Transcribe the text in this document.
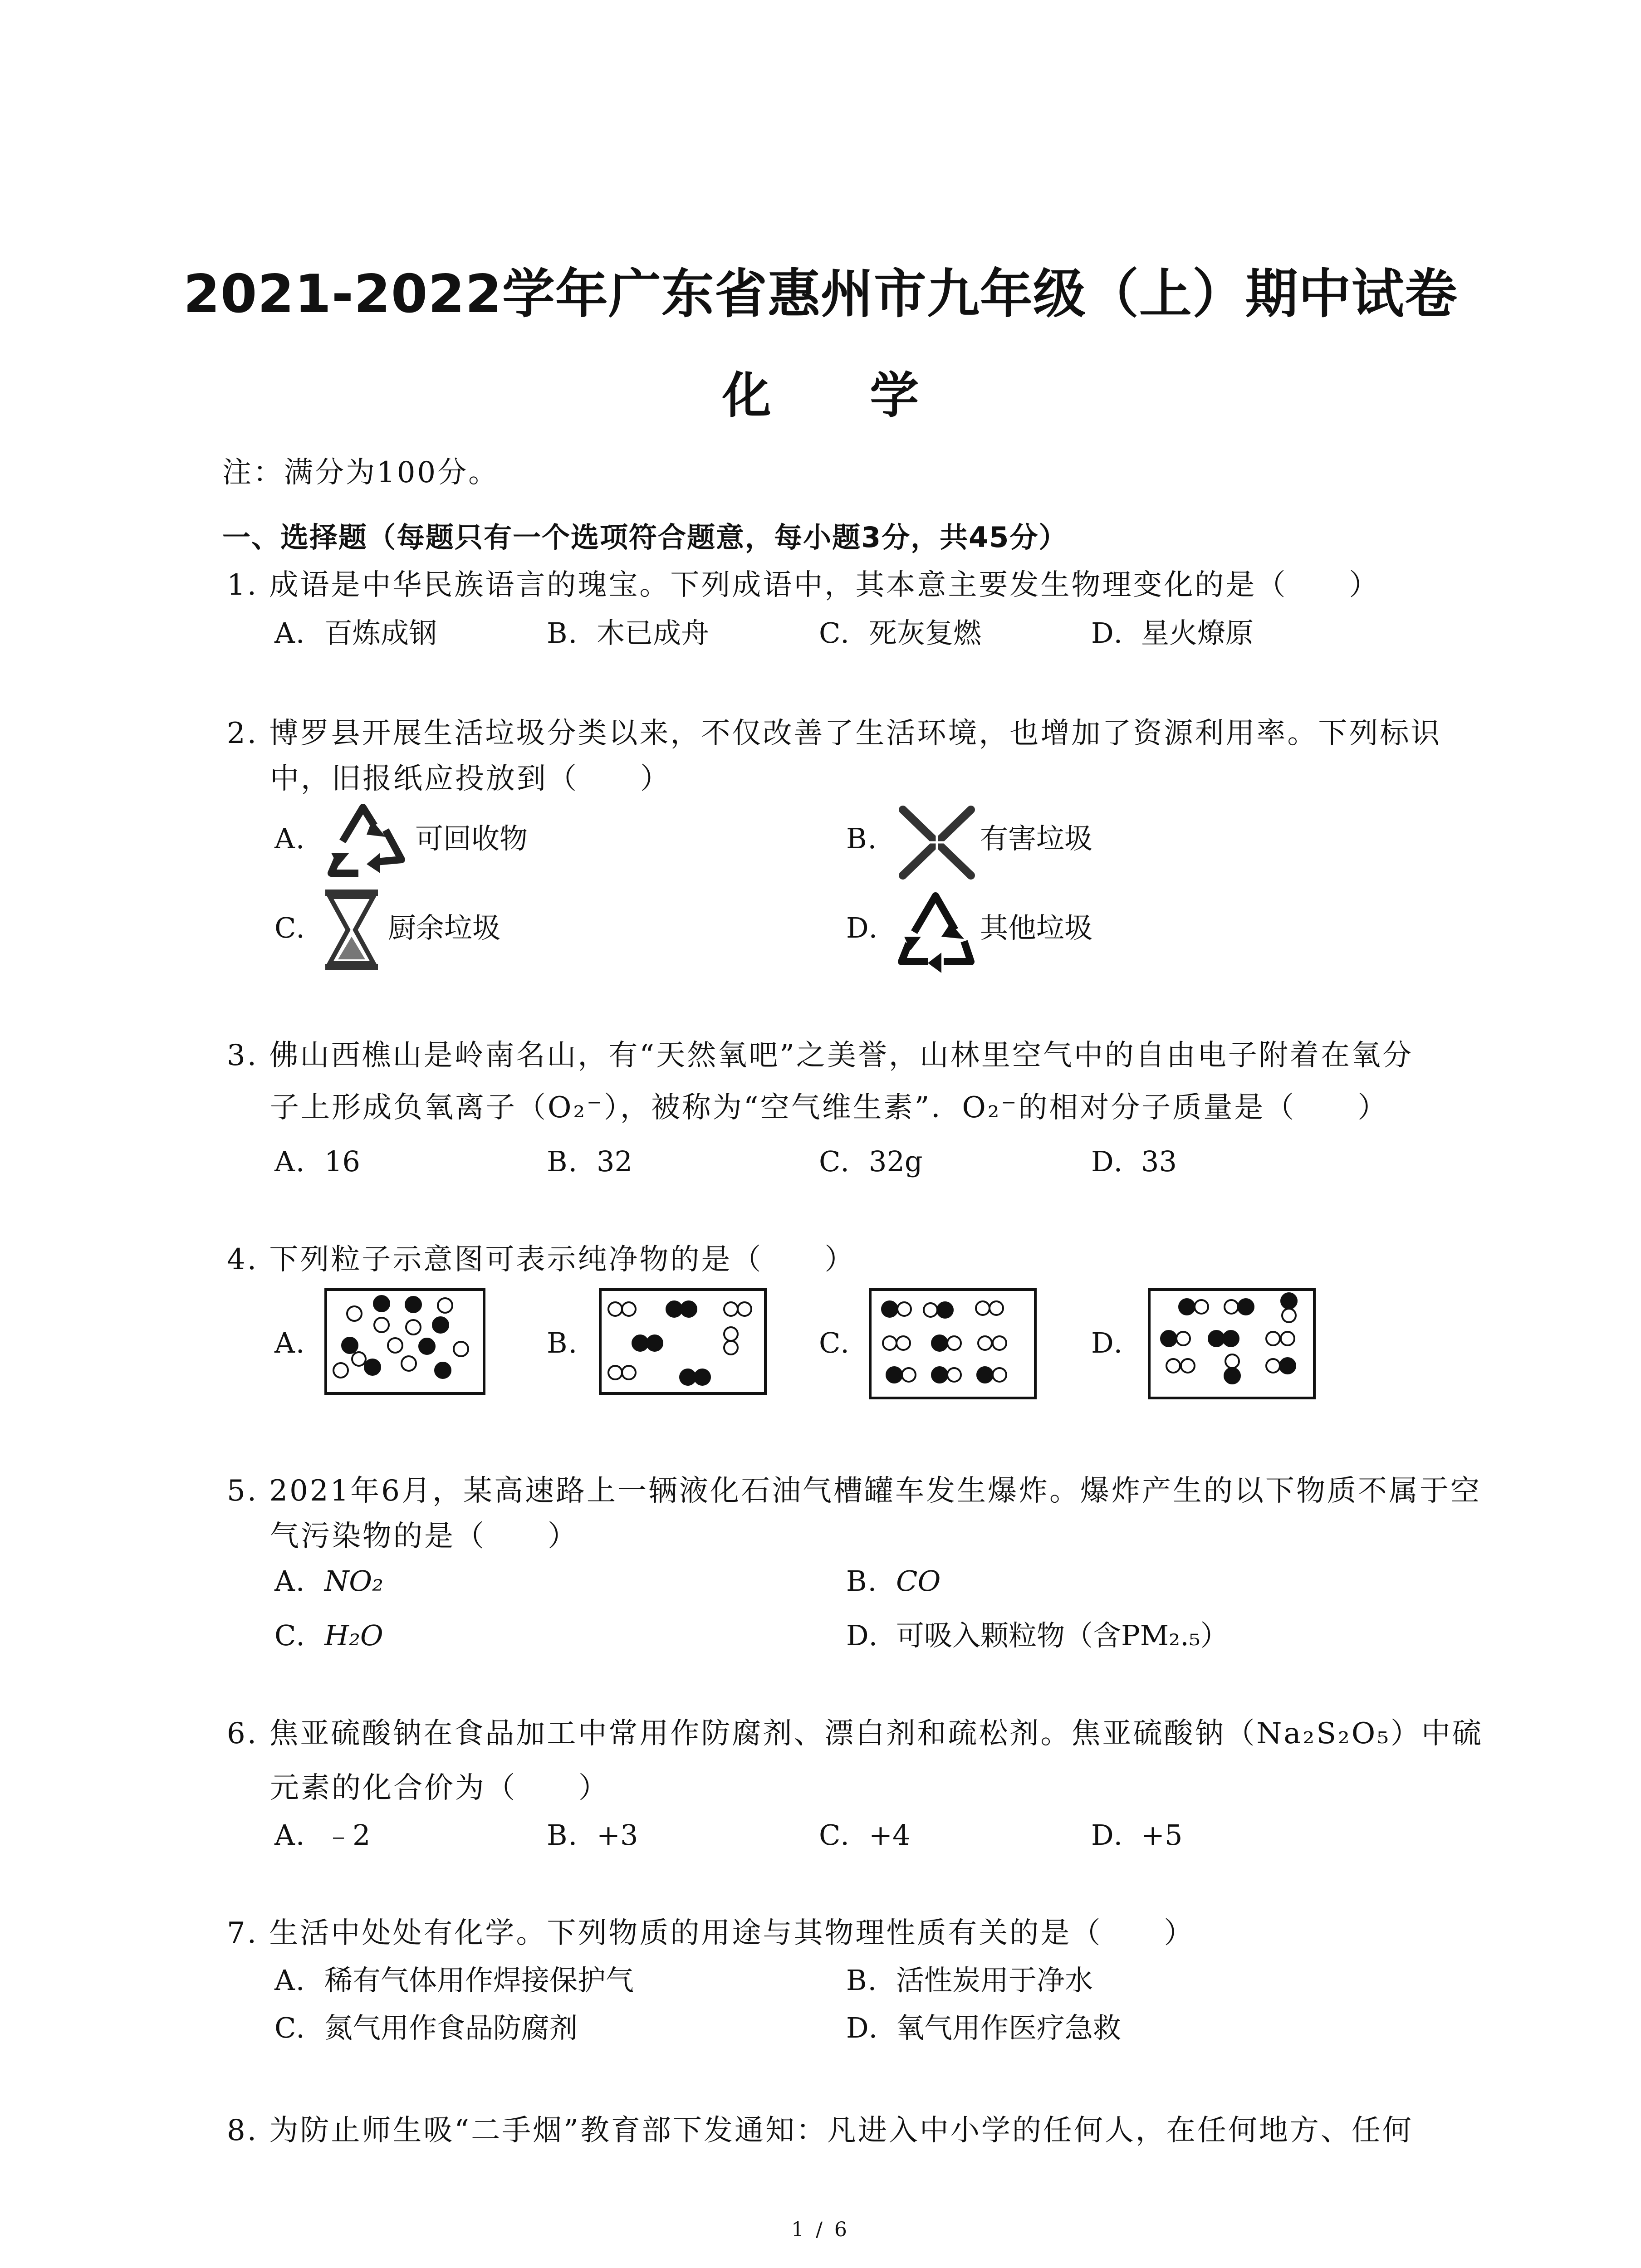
2021-2022学年广东省惠州市九年级（上）期中试卷
化 学
注：满分为100分。
一、选择题（每题只有一个选项符合题意，每小题3分，共45分）
1. 成语是中华民族语言的瑰宝。下列成语中，其本意主要发生物理变化的是（　　）
A. 百炼成钢	B. 木已成舟	C. 死灰复燃	D. 星火燎原
2. 博罗县开展生活垃圾分类以来，不仅改善了生活环境，也增加了资源利用率。下列标识
中，旧报纸应投放到（　　）
A.	可回收物	B.	有害垃圾
C.	厨余垃圾	D.	其他垃圾
3. 佛山西樵山是岭南名山，有“天然氧吧”之美誉，山林里空气中的自由电子附着在氧分
子上形成负氧离子（O₂⁻），被称为“空气维生素”．O₂⁻的相对分子质量是（　　）
A. 16	B. 32	C. 32g	D. 33
4. 下列粒子示意图可表示纯净物的是（　　）
A.	B.	C.	D.
5. 2021年6月，某高速路上一辆液化石油气槽罐车发生爆炸。爆炸产生的以下物质不属于空
气污染物的是（　　）
A. NO₂	B. CO
C. H₂O	D. 可吸入颗粒物（含PM₂.₅）
6. 焦亚硫酸钠在食品加工中常用作防腐剂、漂白剂和疏松剂。焦亚硫酸钠（Na₂S₂O₅）中硫
元素的化合价为（　　）
A. ﹣2	B. +3	C. +4	D. +5
7. 生活中处处有化学。下列物质的用途与其物理性质有关的是（　　）
A. 稀有气体用作焊接保护气	B. 活性炭用于净水
C. 氮气用作食品防腐剂	D. 氧气用作医疗急救
8. 为防止师生吸“二手烟”教育部下发通知：凡进入中小学的任何人，在任何地方、任何
1 / 6
